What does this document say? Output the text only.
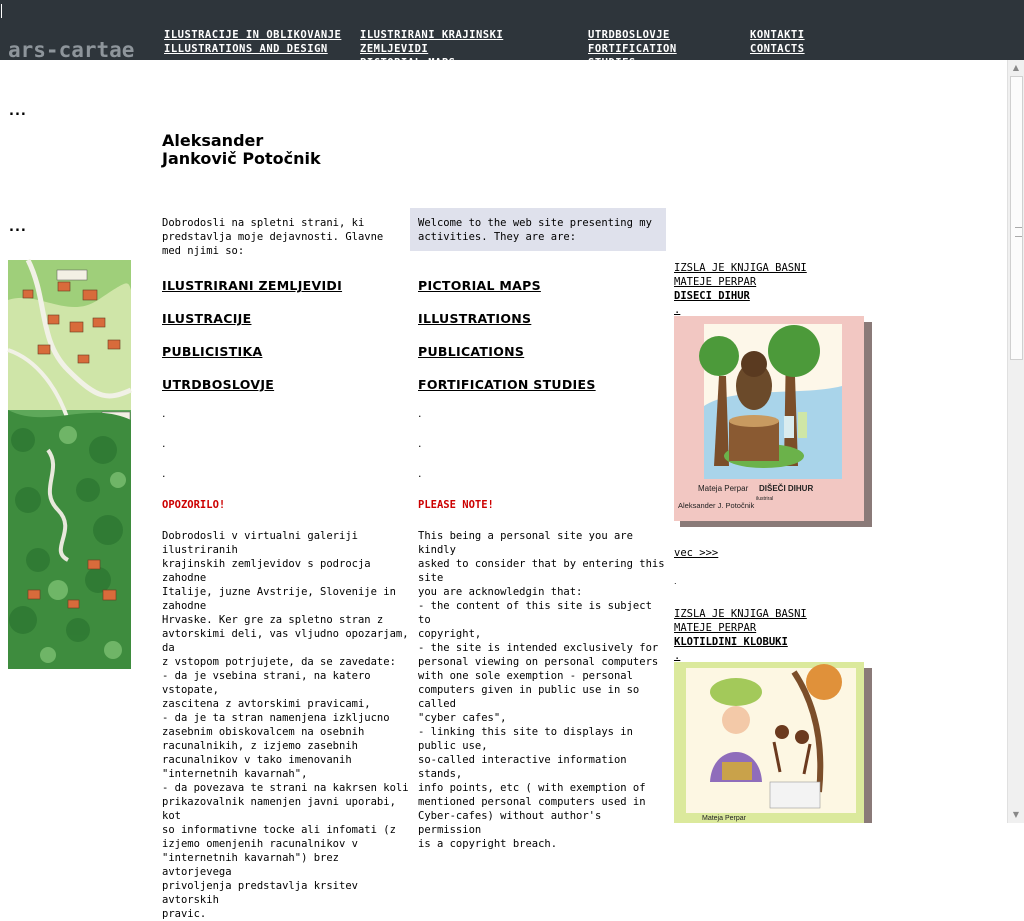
ars-cartae
ILUSTRACIJE IN OBLIKOVANJE
ILLUSTRATIONS AND DESIGN
ILUSTRIRANI KRAJINSKI
ZEMLJEVIDI
PICTORIAL MAPS
UTRDBOSLOVJE
FORTIFICATION
STUDIES
KONTAKTI
CONTACTS
▲
▼
...
...
Aleksander
Jankovič Potočnik
Dobrodosli na spletni strani, ki predstavlja moje dejavnosti. Glavne med njimi so:
Welcome to the web site presenting my activities. They are are:
ILUSTRIRANI ZEMLJEVIDI
ILUSTRACIJE
PUBLICISTIKA
UTRDBOSLOVJE
PICTORIAL MAPS
ILLUSTRATIONS
PUBLICATIONS
FORTIFICATION STUDIES
.
.
.
.
.
.
OPOZORILO!	PLEASE NOTE!
Dobrodosli v virtualni galeriji ilustriranih
krajinskih zemljevidov s podrocja zahodne
Italije, juzne Avstrije, Slovenije in zahodne
Hrvaske. Ker gre za spletno stran z
avtorskimi deli, vas vljudno opozarjam, da
z vstopom potrjujete, da se zavedate:
- da je vsebina strani, na katero vstopate,
zascitena z avtorskimi pravicami,
- da je ta stran namenjena izkljucno
zasebnim obiskovalcem na osebnih
racunalnikih, z izjemo zasebnih
racunalnikov v tako imenovanih
"internetnih kavarnah",
- da povezava te strani na kakrsen koli
prikazovalnik namenjen javni uporabi, kot
so informativne tocke ali infomati (z
izjemo omenjenih racunalnikov v
"internetnih kavarnah") brez avtorjevega
privoljenja predstavlja krsitev avtorskih
pravic.
This being a personal site you are kindly
asked to consider that by entering this site
you are acknowledgin that:
- the content of this site is subject to
copyright,
- the site is intended exclusively for
personal viewing on personal computers
with one sole exemption - personal
computers given in public use in so called
"cyber cafes",
- linking this site to displays in public use,
so-called interactive information stands,
info points, etc ( with exemption of
mentioned personal computers used in
Cyber-cafes) without author's permission
is a copyright breach.
IZSLA JE KNJIGA BASNI
MATEJE PERPAR
DISECI DIHUR
.
Mateja Perpar DIŠEČI DIHUR
ilustriral
Aleksander J. Potočnik
vec >>>
.
IZSLA JE KNJIGA BASNI
MATEJE PERPAR
KLOTILDINI KLOBUKI
.
Mateja Perpar
